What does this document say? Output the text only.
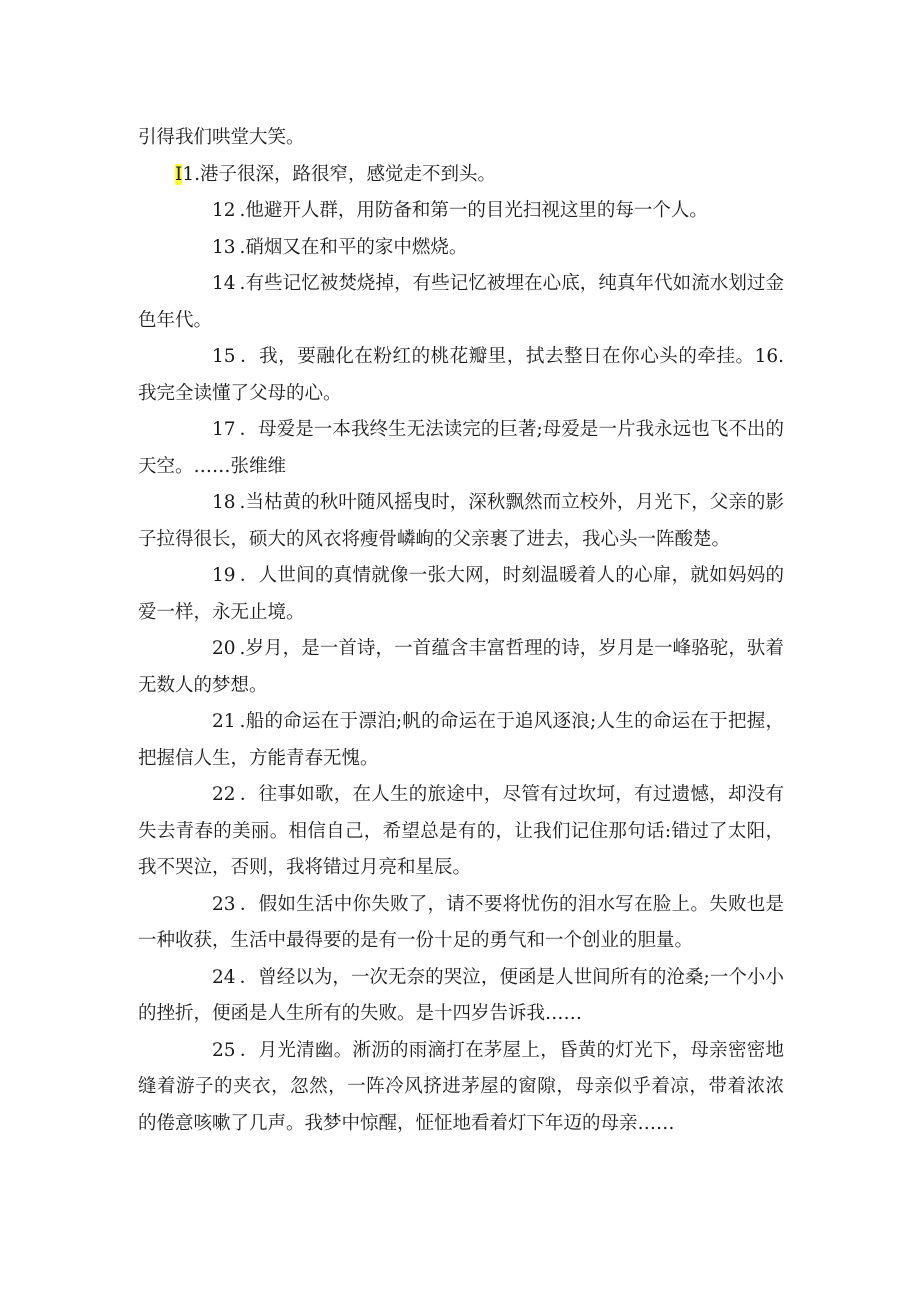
引得我们哄堂大笑。

I1.港子很深，路很窄，感觉走不到头。

12 .他避开人群，用防备和第一的目光扫视这里的每一个人。

13 .硝烟又在和平的家中燃烧。

14 .有些记忆被焚烧掉，有些记忆被埋在心底，纯真年代如流水划过金色年代。

15 ．我，要融化在粉红的桃花瓣里，拭去整日在你心头的牵挂。16.我完全读懂了父母的心。

17 ．母爱是一本我终生无法读完的巨著;母爱是一片我永远也飞不出的天空。……张维维

18 .当枯黄的秋叶随风摇曳时，深秋飘然而立校外，月光下，父亲的影子拉得很长，硕大的风衣将瘦骨嶙峋的父亲裹了进去，我心头一阵酸楚。

19 ．人世间的真情就像一张大网，时刻温暖着人的心扉，就如妈妈的爱一样，永无止境。

20 .岁月，是一首诗，一首蕴含丰富哲理的诗，岁月是一峰骆驼，驮着无数人的梦想。

21 .船的命运在于漂泊;帆的命运在于追风逐浪;人生的命运在于把握，把握信人生，方能青春无愧。

22 ．往事如歌，在人生的旅途中，尽管有过坎坷，有过遗憾，却没有失去青春的美丽。相信自己，希望总是有的，让我们记住那句话:错过了太阳，我不哭泣，否则，我将错过月亮和星辰。

23 ．假如生活中你失败了，请不要将忧伤的泪水写在脸上。失败也是一种收获，生活中最得要的是有一份十足的勇气和一个创业的胆量。

24 ．曾经以为，一次无奈的哭泣，便函是人世间所有的沧桑;一个小小的挫折，便函是人生所有的失败。是十四岁告诉我……

25 ．月光清幽。淅沥的雨滴打在茅屋上，昏黄的灯光下，母亲密密地缝着游子的夹衣，忽然，一阵冷风挤进茅屋的窗隙，母亲似乎着凉，带着浓浓的倦意咳嗽了几声。我梦中惊醒，怔怔地看着灯下年迈的母亲……
